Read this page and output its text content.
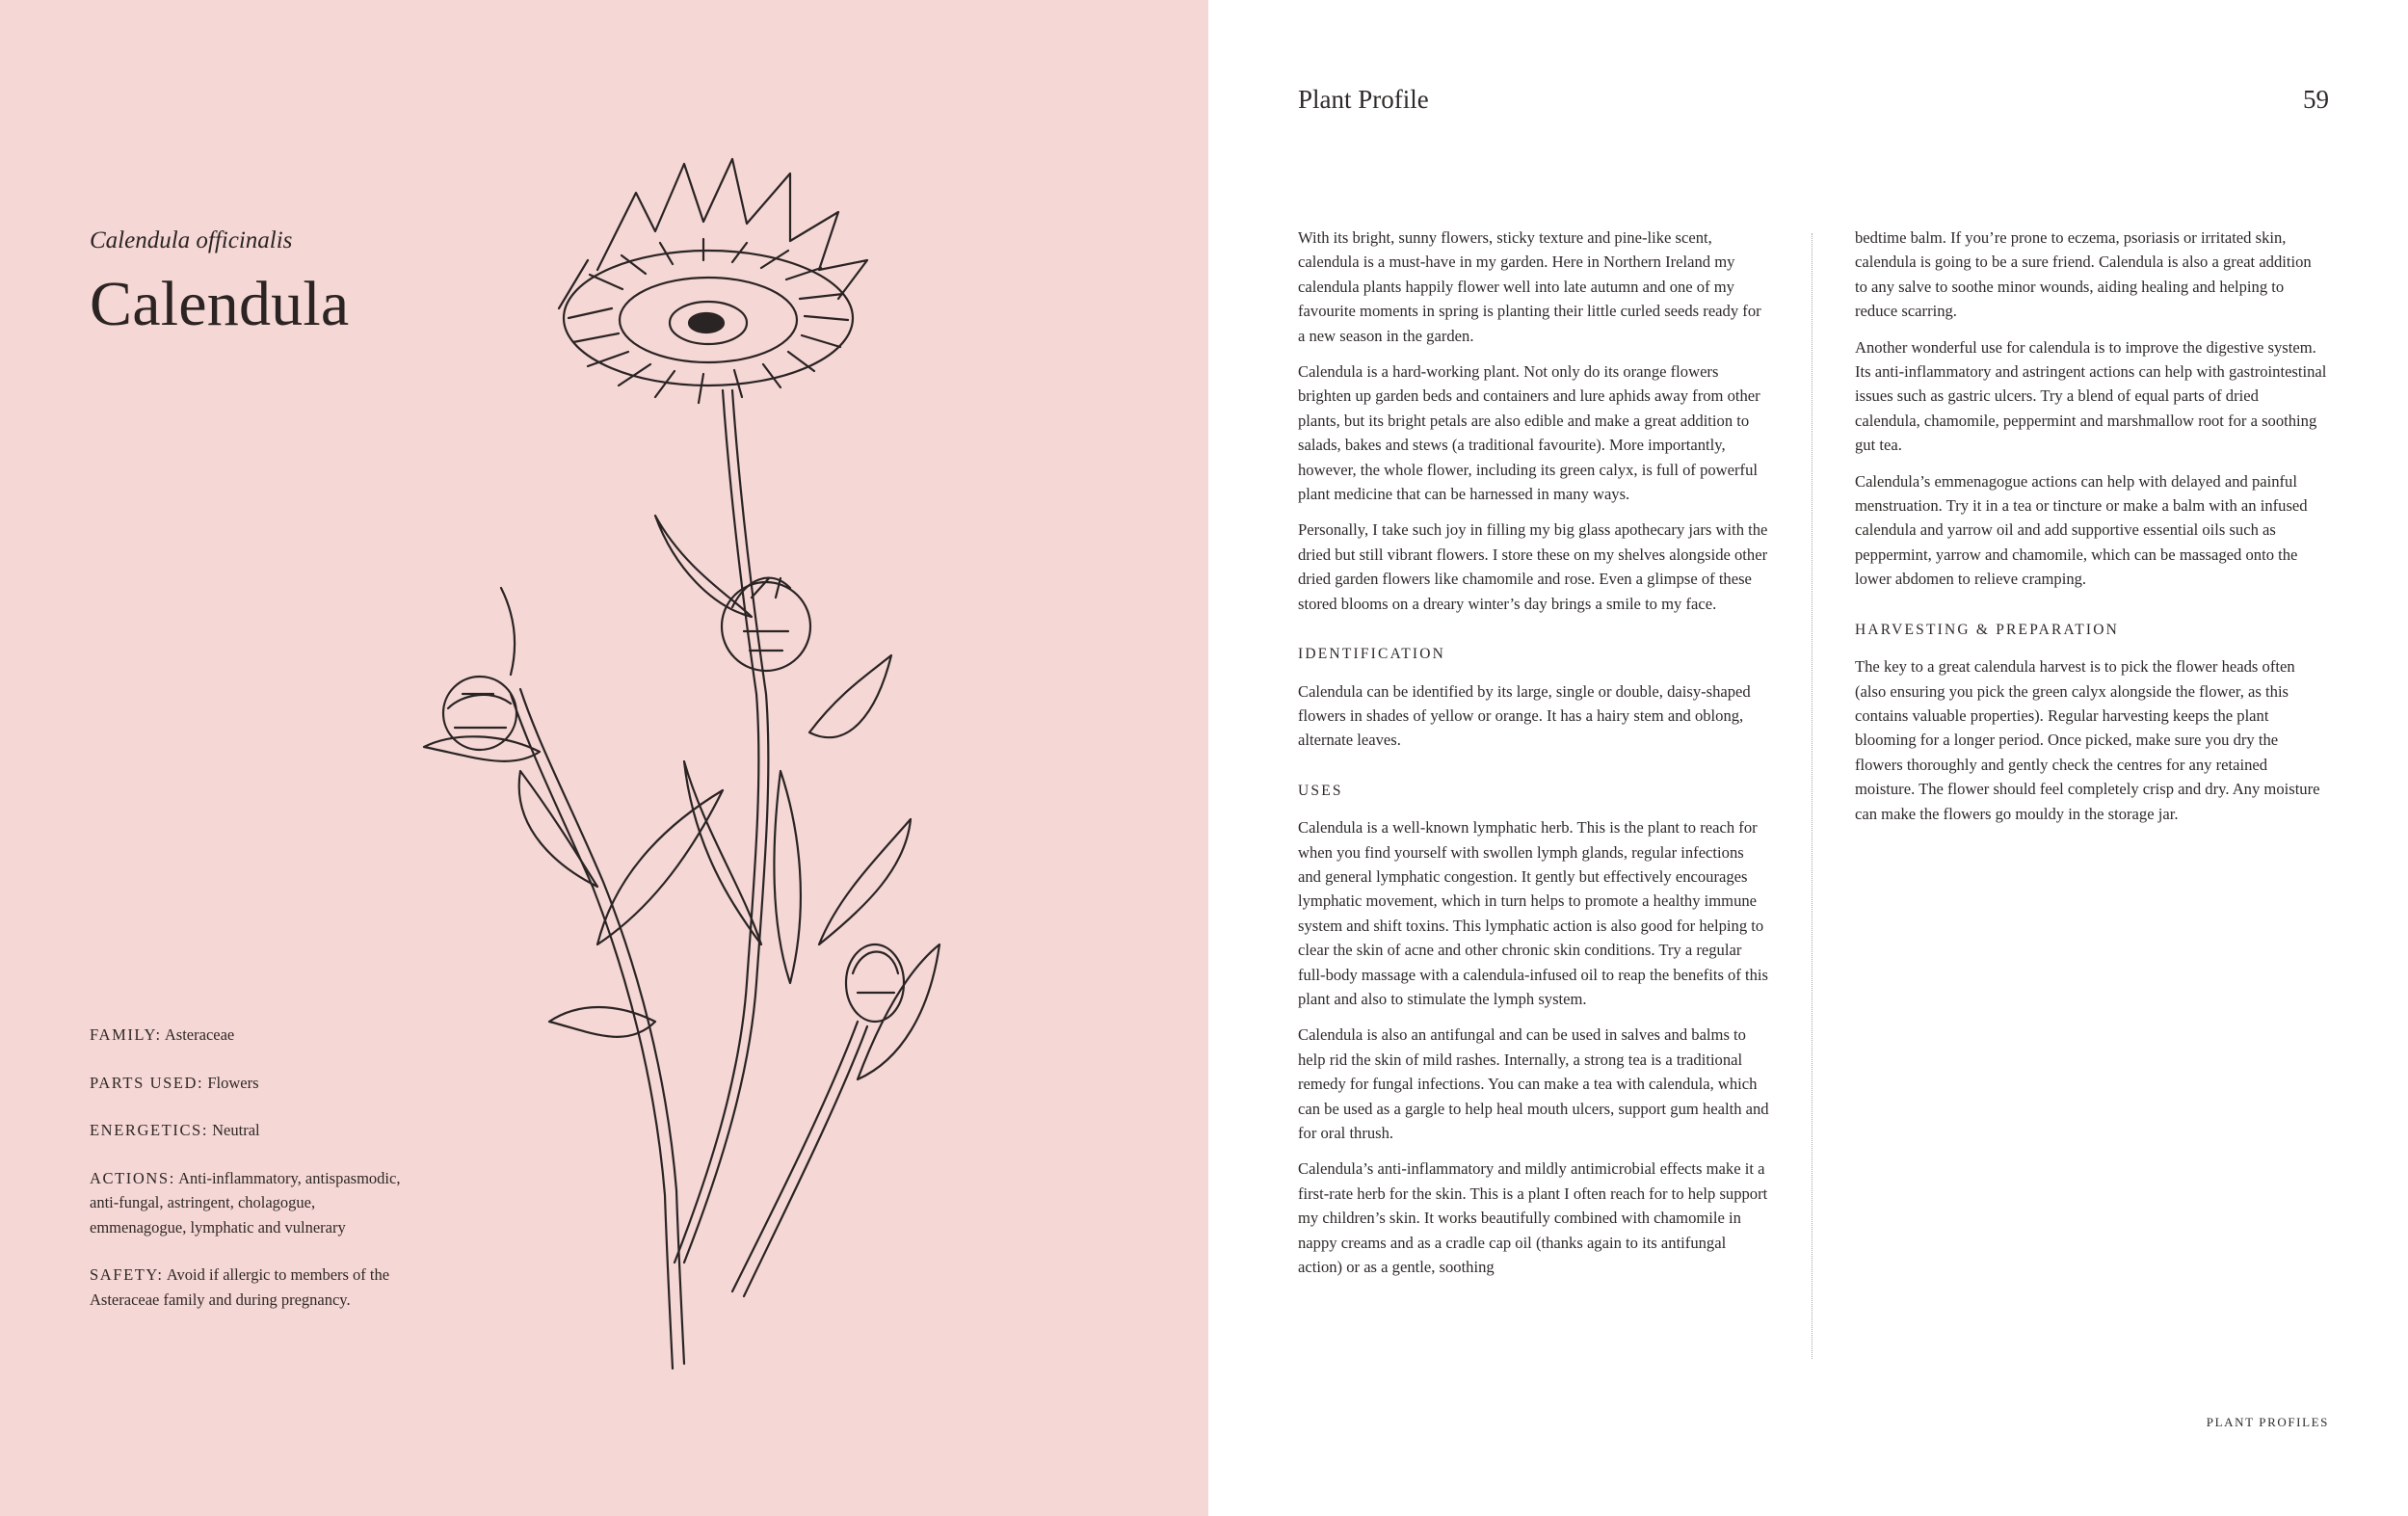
Calendula officinalis
Calendula
FAMILY: Asteraceae
PARTS USED: Flowers
ENERGETICS: Neutral
ACTIONS: Anti-inflammatory, antispasmodic, anti-fungal, astringent, cholagogue, emmenagogue, lymphatic and vulnerary
SAFETY: Avoid if allergic to members of the Asteraceae family and during pregnancy.
Plant Profile	59

With its bright, sunny flowers, sticky texture and pine-like scent, calendula is a must-have in my garden. Here in Northern Ireland my calendula plants happily flower well into late autumn and one of my favourite moments in spring is planting their little curled seeds ready for a new season in the garden.

Calendula is a hard-working plant. Not only do its orange flowers brighten up garden beds and containers and lure aphids away from other plants, but its bright petals are also edible and make a great addition to salads, bakes and stews (a traditional favourite). More importantly, however, the whole flower, including its green calyx, is full of powerful plant medicine that can be harnessed in many ways.

Personally, I take such joy in filling my big glass apothecary jars with the dried but still vibrant flowers. I store these on my shelves alongside other dried garden flowers like chamomile and rose. Even a glimpse of these stored blooms on a dreary winter’s day brings a smile to my face.

IDENTIFICATION

Calendula can be identified by its large, single or double, daisy-shaped flowers in shades of yellow or orange. It has a hairy stem and oblong, alternate leaves.

USES

Calendula is a well-known lymphatic herb. This is the plant to reach for when you find yourself with swollen lymph glands, regular infections and general lymphatic congestion. It gently but effectively encourages lymphatic movement, which in turn helps to promote a healthy immune system and shift toxins. This lymphatic action is also good for helping to clear the skin of acne and other chronic skin conditions. Try a regular full-body massage with a calendula-infused oil to reap the benefits of this plant and also to stimulate the lymph system.

Calendula is also an antifungal and can be used in salves and balms to help rid the skin of mild rashes. Internally, a strong tea is a traditional remedy for fungal infections. You can make a tea with calendula, which can be used as a gargle to help heal mouth ulcers, support gum health and for oral thrush.

Calendula’s anti-inflammatory and mildly antimicrobial effects make it a first-rate herb for the skin. This is a plant I often reach for to help support my children’s skin. It works beautifully combined with chamomile in nappy creams and as a cradle cap oil (thanks again to its antifungal action) or as a gentle, soothing

bedtime balm. If you’re prone to eczema, psoriasis or irritated skin, calendula is going to be a sure friend. Calendula is also a great addition to any salve to soothe minor wounds, aiding healing and helping to reduce scarring.

Another wonderful use for calendula is to improve the digestive system. Its anti-inflammatory and astringent actions can help with gastrointestinal issues such as gastric ulcers. Try a blend of equal parts of dried calendula, chamomile, peppermint and marshmallow root for a soothing gut tea.

Calendula’s emmenagogue actions can help with delayed and painful menstruation. Try it in a tea or tincture or make a balm with an infused calendula and yarrow oil and add supportive essential oils such as peppermint, yarrow and chamomile, which can be massaged onto the lower abdomen to relieve cramping.

HARVESTING & PREPARATION

The key to a great calendula harvest is to pick the flower heads often (also ensuring you pick the green calyx alongside the flower, as this contains valuable properties). Regular harvesting keeps the plant blooming for a longer period. Once picked, make sure you dry the flowers thoroughly and gently check the centres for any retained moisture. The flower should feel completely crisp and dry. Any moisture can make the flowers go mouldy in the storage jar.

PLANT PROFILES
